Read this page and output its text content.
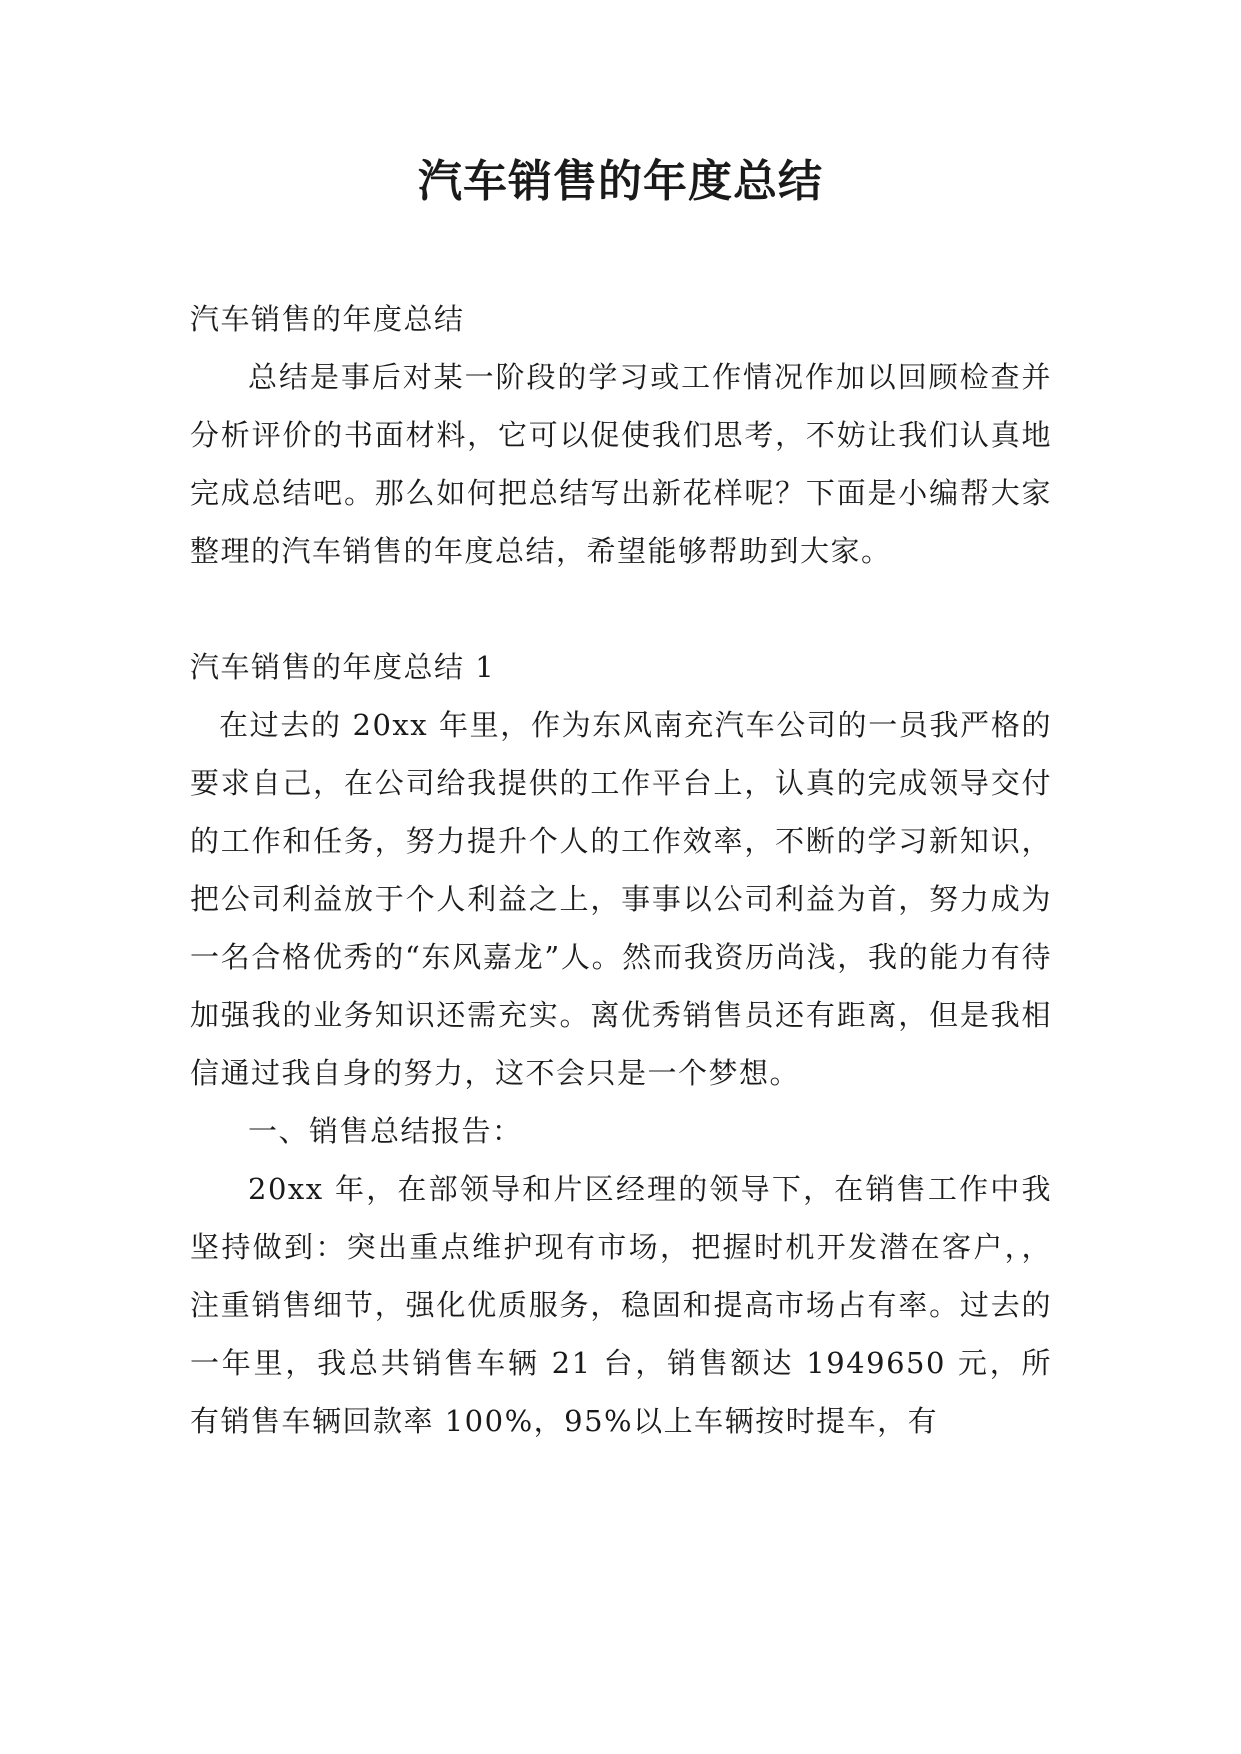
汽车销售的年度总结

汽车销售的年度总结

总结是事后对某一阶段的学习或工作情况作加以回顾检查并分析评价的书面材料，它可以促使我们思考，不妨让我们认真地完成总结吧。那么如何把总结写出新花样呢？下面是小编帮大家整理的汽车销售的年度总结，希望能够帮助到大家。

汽车销售的年度总结 1

在过去的 20xx 年里，作为东风南充汽车公司的一员我严格的要求自己，在公司给我提供的工作平台上，认真的完成领导交付的工作和任务，努力提升个人的工作效率，不断的学习新知识，把公司利益放于个人利益之上，事事以公司利益为首，努力成为一名合格优秀的“东风嘉龙”人。然而我资历尚浅，我的能力有待加强我的业务知识还需充实。离优秀销售员还有距离，但是我相信通过我自身的努力，这不会只是一个梦想。

一、销售总结报告：

20xx 年，在部领导和片区经理的领导下，在销售工作中我坚持做到：突出重点维护现有市场，把握时机开发潜在客户，，注重销售细节，强化优质服务，稳固和提高市场占有率。过去的一年里，我总共销售车辆 21 台，销售额达 1949650 元，所有销售车辆回款率 100%，95%以上车辆按时提车，有
